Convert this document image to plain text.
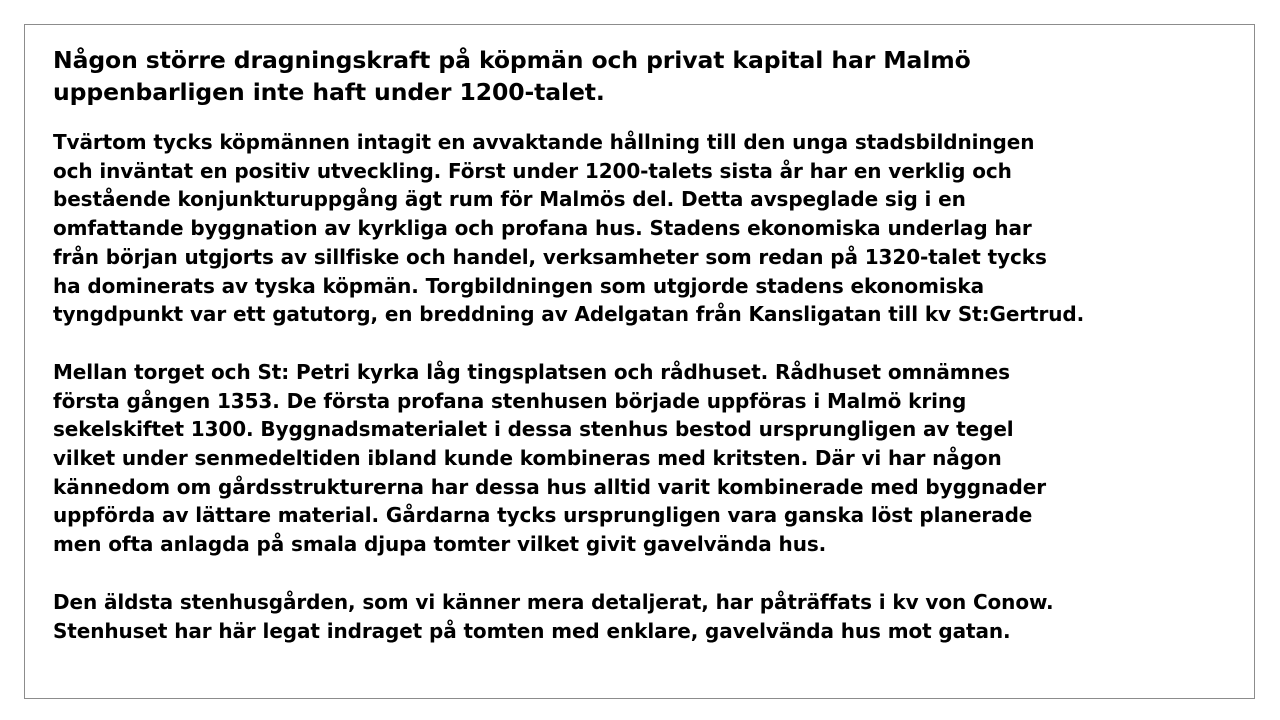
Någon större dragningskraft på köpmän och privat kapital har Malmö
uppenbarligen inte haft under 1200-talet.
Tvärtom tycks köpmännen intagit en avvaktande hållning till den unga stadsbildningen
och inväntat en positiv utveckling. Först under 1200-talets sista år har en verklig och
bestående konjunkturuppgång ägt rum för Malmös del. Detta avspeglade sig i en
omfattande byggnation av kyrkliga och profana hus. Stadens ekonomiska underlag har
från början utgjorts av sillfiske och handel, verksamheter som redan på 1320-talet tycks
ha dominerats av tyska köpmän. Torgbildningen som utgjorde stadens ekonomiska
tyngdpunkt var ett gatutorg, en breddning av Adelgatan från Kansligatan till kv St:Gertrud.
Mellan torget och St: Petri kyrka låg tingsplatsen och rådhuset. Rådhuset omnämnes
första gången 1353. De första profana stenhusen började uppföras i Malmö kring
sekelskiftet 1300. Byggnadsmaterialet i dessa stenhus bestod ursprungligen av tegel
vilket under senmedeltiden ibland kunde kombineras med kritsten. Där vi har någon
kännedom om gårdsstrukturerna har dessa hus alltid varit kombinerade med byggnader
uppförda av lättare material. Gårdarna tycks ursprungligen vara ganska löst planerade
men ofta anlagda på smala djupa tomter vilket givit gavelvända hus.
Den äldsta stenhusgården, som vi känner mera detaljerat, har påträffats i kv von Conow.
Stenhuset har här legat indraget på tomten med enklare, gavelvända hus mot gatan.
